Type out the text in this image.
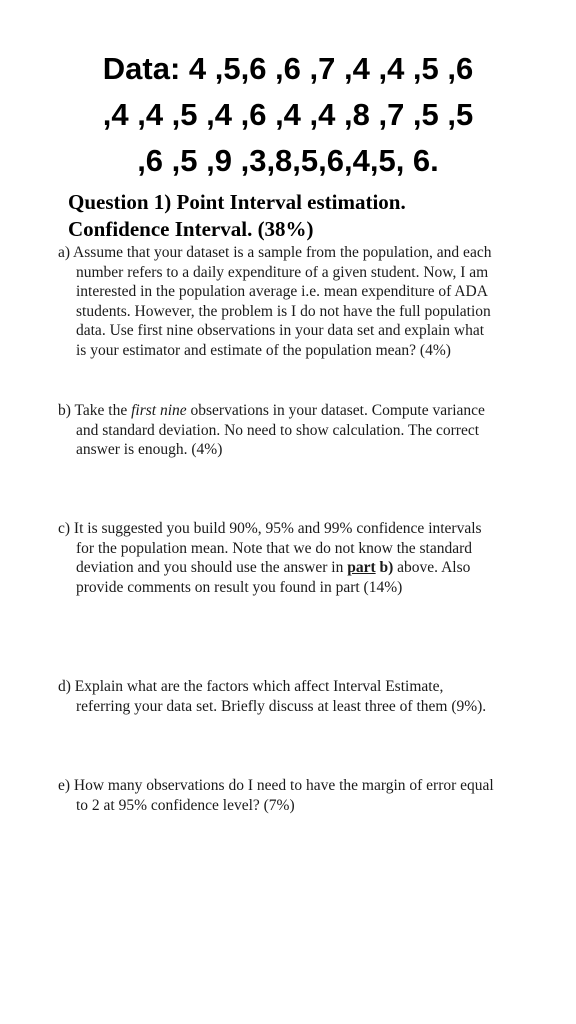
Data: 4 ,5,6 ,6 ,7 ,4 ,4 ,5 ,6
,4 ,4 ,5 ,4 ,6 ,4 ,4 ,8 ,7 ,5 ,5
,6 ,5 ,9 ,3,8,5,6,4,5, 6.
Question 1) Point Interval estimation.
Confidence Interval. (38%)
a) Assume that your dataset is a sample from the population, and each
number refers to a daily expenditure of a given student. Now, I am
interested in the population average i.e. mean expenditure of ADA
students. However, the problem is I do not have the full population
data. Use first nine observations in your data set and explain what
is your estimator and estimate of the population mean? (4%)
b) Take the first nine observations in your dataset. Compute variance
and standard deviation. No need to show calculation. The correct
answer is enough. (4%)
c) It is suggested you build 90%, 95% and 99% confidence intervals
for the population mean. Note that we do not know the standard
deviation and you should use the answer in part b) above. Also
provide comments on result you found in part (14%)
d) Explain what are the factors which affect Interval Estimate,
referring your data set. Briefly discuss at least three of them (9%).
e) How many observations do I need to have the margin of error equal
to 2 at 95% confidence level? (7%)
